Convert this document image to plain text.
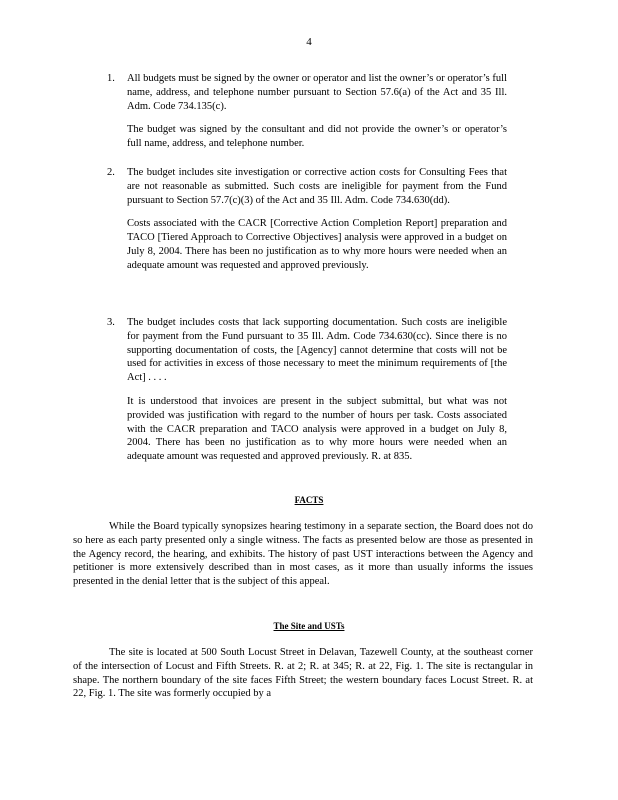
4
1. All budgets must be signed by the owner or operator and list the owner’s or operator’s full name, address, and telephone number pursuant to Section 57.6(a) of the Act and 35 Ill. Adm. Code 734.135(c).

The budget was signed by the consultant and did not provide the owner’s or operator’s full name, address, and telephone number.

2. The budget includes site investigation or corrective action costs for Consulting Fees that are not reasonable as submitted. Such costs are ineligible for payment from the Fund pursuant to Section 57.7(c)(3) of the Act and 35 Ill. Adm. Code 734.630(dd).

Costs associated with the CACR [Corrective Action Completion Report] preparation and TACO [Tiered Approach to Corrective Objectives] analysis were approved in a budget on July 8, 2004. There has been no justification as to why more hours were needed when an adequate amount was requested and approved previously.

3. The budget includes costs that lack supporting documentation. Such costs are ineligible for payment from the Fund pursuant to 35 Ill. Adm. Code 734.630(cc). Since there is no supporting documentation of costs, the [Agency] cannot determine that costs will not be used for activities in excess of those necessary to meet the minimum requirements of [the Act] . . . .

It is understood that invoices are present in the subject submittal, but what was not provided was justification with regard to the number of hours per task. Costs associated with the CACR preparation and TACO analysis were approved in a budget on July 8, 2004. There has been no justification as to why more hours were needed when an adequate amount was requested and approved previously. R. at 835.

FACTS

While the Board typically synopsizes hearing testimony in a separate section, the Board does not do so here as each party presented only a single witness. The facts as presented below are those as presented in the Agency record, the hearing, and exhibits. The history of past UST interactions between the Agency and petitioner is more extensively described than in most cases, as it more than usually informs the issues presented in the denial letter that is the subject of this appeal.

The Site and USTs

The site is located at 500 South Locust Street in Delavan, Tazewell County, at the southeast corner of the intersection of Locust and Fifth Streets. R. at 2; R. at 345; R. at 22, Fig. 1. The site is rectangular in shape. The northern boundary of the site faces Fifth Street; the western boundary faces Locust Street. R. at 22, Fig. 1. The site was formerly occupied by a
